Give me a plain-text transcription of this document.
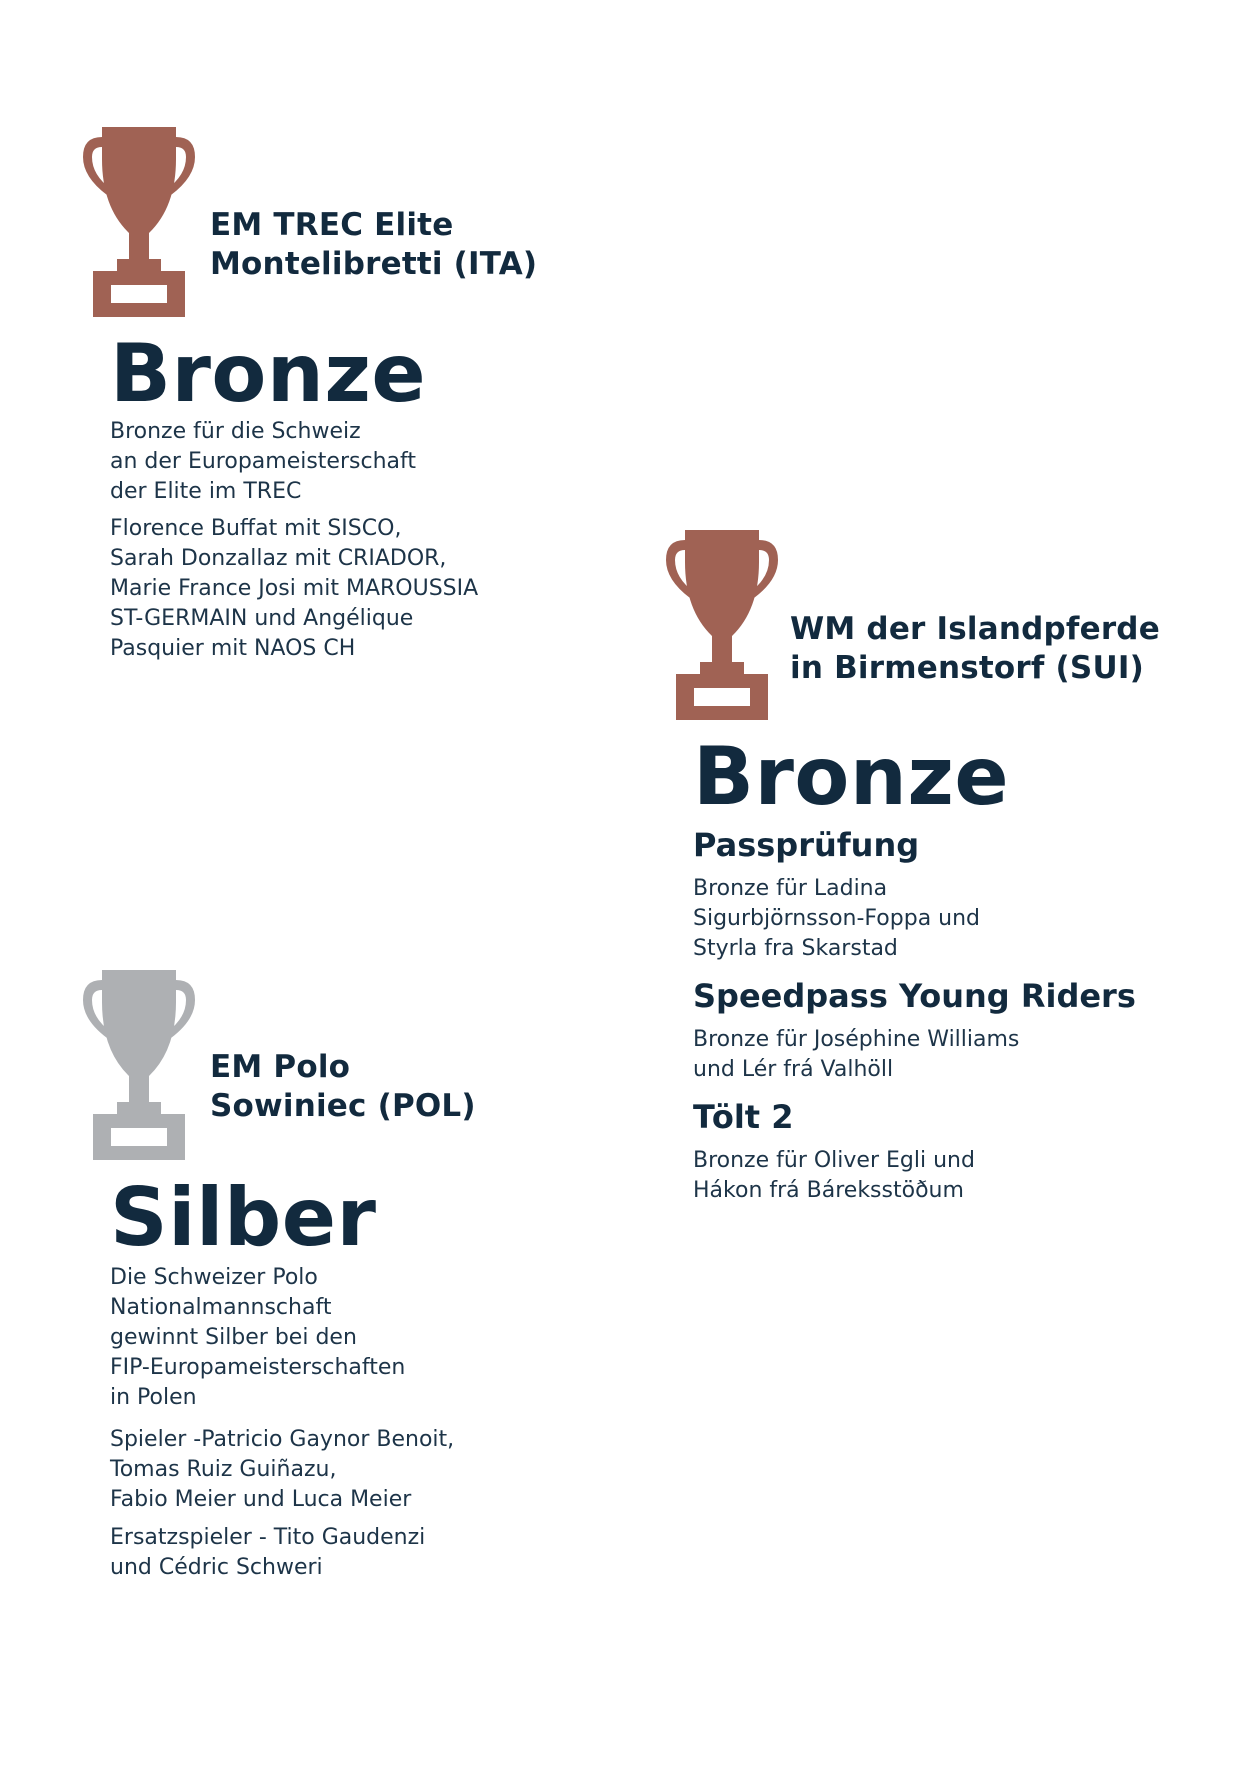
EM TREC Elite
Montelibretti (ITA)
Bronze

Bronze für die Schweiz
an der Europameisterschaft
der Elite im TREC

Florence Buffat mit SISCO,
Sarah Donzallaz mit CRIADOR,
Marie France Josi mit MAROUSSIA
ST-GERMAIN und Angélique
Pasquier mit NAOS CH

WM der Islandpferde
in Birmenstorf (SUI)
Bronze
Passprüfung

Bronze für Ladina
Sigurbjörnsson-Foppa und
Styrla fra Skarstad

Speedpass Young Riders

Bronze für Joséphine Williams
und Lér frá Valhöll

Tölt 2

Bronze für Oliver Egli und
Hákon frá Báreksstöðum

EM Polo
Sowiniec (POL)
Silber

Die Schweizer Polo
Nationalmannschaft
gewinnt Silber bei den
FIP-Europameisterschaften
in Polen

Spieler -Patricio Gaynor Benoit,
Tomas Ruiz Guiñazu,
Fabio Meier und Luca Meier

Ersatzspieler - Tito Gaudenzi
und Cédric Schweri
